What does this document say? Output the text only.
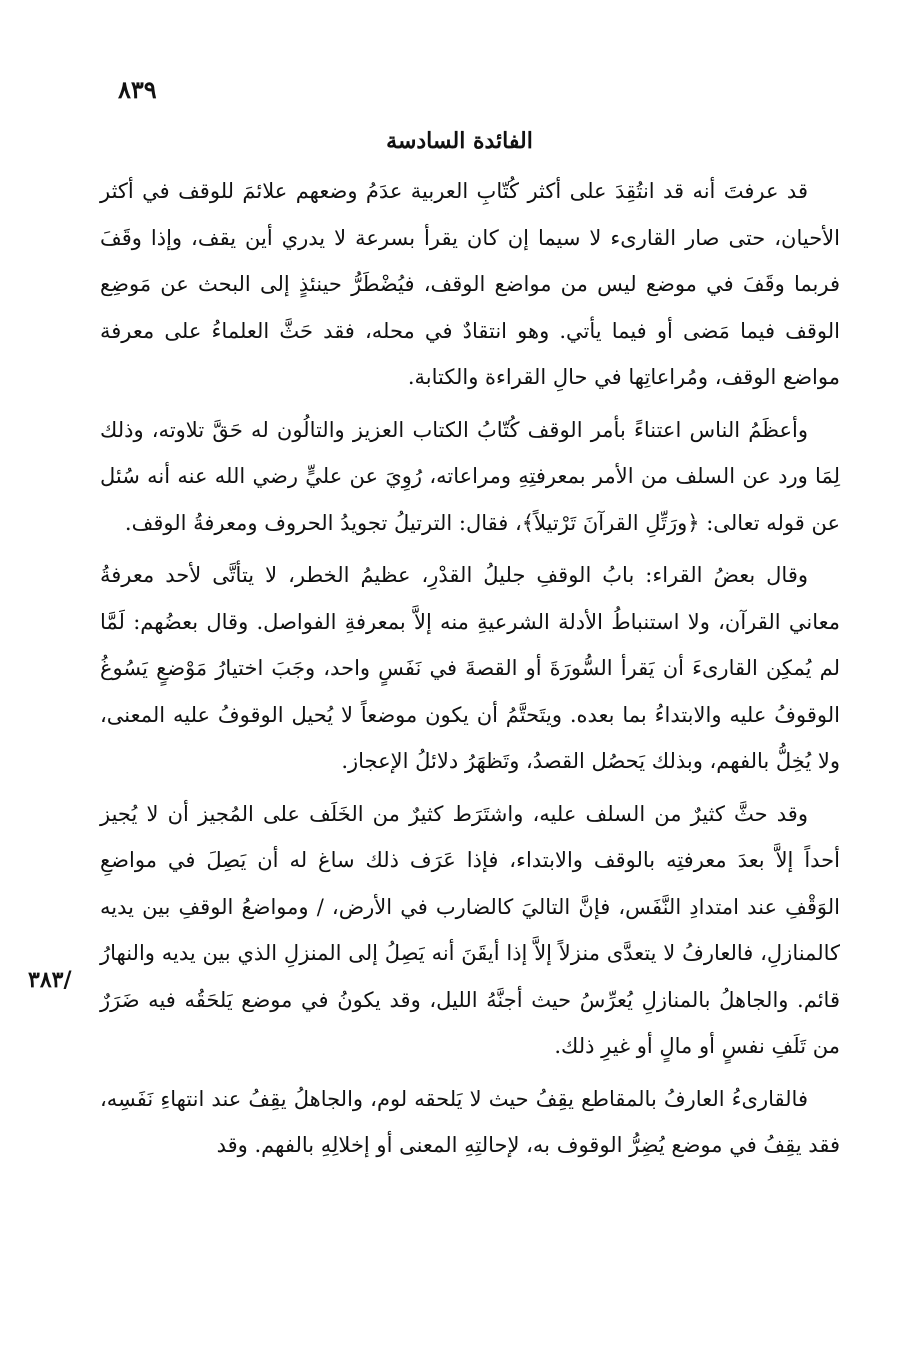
٨٣٩
الفائدة السادسة
/٣٨٣

قد عرفتَ أنه قد انتُقِدَ على أكثر كُتّابِ العربية عدَمُ وضعهم علائمَ للوقف في أكثر الأحيان، حتى صار القارىء لا سيما إن كان يقرأ بسرعة لا يدري أين يقف، وإذا وقَفَ فربما وقَفَ في موضع ليس من مواضع الوقف، فيُضْطَرُّ حينئذٍ إلى البحث عن مَوضِع الوقف فيما مَضى أو فيما يأتي. وهو انتقادٌ في محله، فقد حَثَّ العلماءُ على معرفة مواضع الوقف، ومُراعاتِها في حالِ القراءة والكتابة.

وأعظَمُ الناس اعتناءً بأمر الوقف كُتّابُ الكتاب العزيز والتالُون له حَقَّ تلاوته، وذلك لِمَا ورد عن السلف من الأمر بمعرفتِهِ ومراعاته، رُوِيَ عن عليٍّ رضي الله عنه أنه سُئل عن قوله تعالى: ﴿ورَتِّلِ القرآنَ تَرْتيلاً﴾، فقال: الترتيلُ تجويدُ الحروف ومعرفةُ الوقف.

وقال بعضُ القراء: بابُ الوقفِ جليلُ القدْرِ، عظيمُ الخطر، لا يتأتَّى لأحد معرفةُ معاني القرآن، ولا استنباطُ الأدلة الشرعيةِ منه إلاَّ بمعرفةِ الفواصل. وقال بعضُهم: لَمَّا لم يُمكِن القارىءَ أن يَقرأ السُّورَةَ أو القصةَ في نَفَسٍ واحد، وجَبَ اختيارُ مَوْضعٍ يَسُوغُ الوقوفُ عليه والابتداءُ بما بعده. ويتَحتَّمُ أن يكون موضعاً لا يُحيل الوقوفُ عليه المعنى، ولا يُخِلُّ بالفهم، وبذلك يَحصُل القصدُ، وتَظهَرُ دلائلُ الإعجاز.

وقد حثَّ كثيرٌ من السلف عليه، واشتَرَط كثيرٌ من الخَلَف على المُجيز أن لا يُجيز أحداً إلاَّ بعدَ معرفتِه بالوقف والابتداء، فإذا عَرَف ذلك ساغ له أن يَصِلَ في مواضعِ الوَقْفِ عند امتدادِ النَّفَس، فإنَّ التاليَ كالضارب في الأرض، / ومواضعُ الوقفِ بين يديه كالمنازلِ، فالعارفُ لا يتعدَّى منزلاً إلاَّ إذا أيقَنَ أنه يَصِلُ إلى المنزلِ الذي بين يديه والنهارُ قائم. والجاهلُ بالمنازلِ يُعرِّسُ حيث أجنَّهُ الليل، وقد يكونُ في موضع يَلحَقُه فيه ضَرَرٌ من تَلَفِ نفسٍ أو مالٍ أو غيرِ ذلك.

فالقارىءُ العارفُ بالمقاطع يقِفُ حيث لا يَلحقه لوم، والجاهلُ يقِفُ عند انتهاءِ نَفَسِه، فقد يقِفُ في موضع يُضِرُّ الوقوف به، لإحالتِهِ المعنى أو إخلالِهِ بالفهم. وقد
